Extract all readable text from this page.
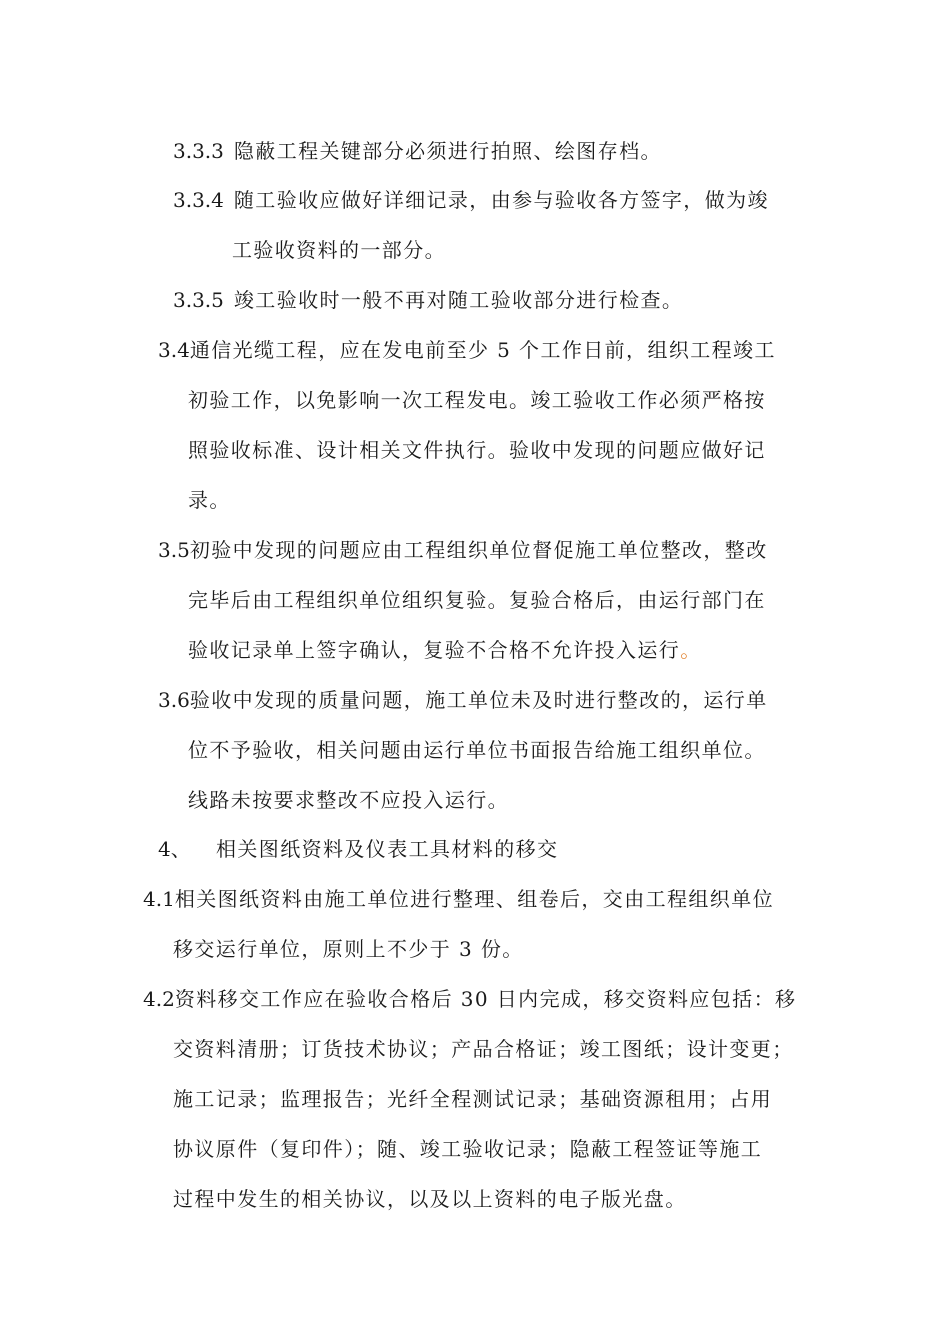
3.3.3 隐蔽工程关键部分必须进行拍照、绘图存档。
3.3.4 随工验收应做好详细记录，由参与验收各方签字，做为竣
工验收资料的一部分。
3.3.5 竣工验收时一般不再对随工验收部分进行检查。
3.4通信光缆工程，应在发电前至少 5 个工作日前，组织工程竣工
初验工作，以免影响一次工程发电。竣工验收工作必须严格按
照验收标准、设计相关文件执行。验收中发现的问题应做好记
录。
3.5初验中发现的问题应由工程组织单位督促施工单位整改，整改
完毕后由工程组织单位组织复验。复验合格后，由运行部门在
验收记录单上签字确认，复验不合格不允许投入运行。
3.6验收中发现的质量问题，施工单位未及时进行整改的，运行单
位不予验收，相关问题由运行单位书面报告给施工组织单位。
线路未按要求整改不应投入运行。
4、 相关图纸资料及仪表工具材料的移交
4.1相关图纸资料由施工单位进行整理、组卷后，交由工程组织单位
移交运行单位，原则上不少于 3 份。
4.2资料移交工作应在验收合格后 30 日内完成，移交资料应包括：移
交资料清册；订货技术协议；产品合格证；竣工图纸；设计变更；
施工记录；监理报告；光纤全程测试记录；基础资源租用；占用
协议原件（复印件）；随、竣工验收记录；隐蔽工程签证等施工
过程中发生的相关协议，以及以上资料的电子版光盘。
